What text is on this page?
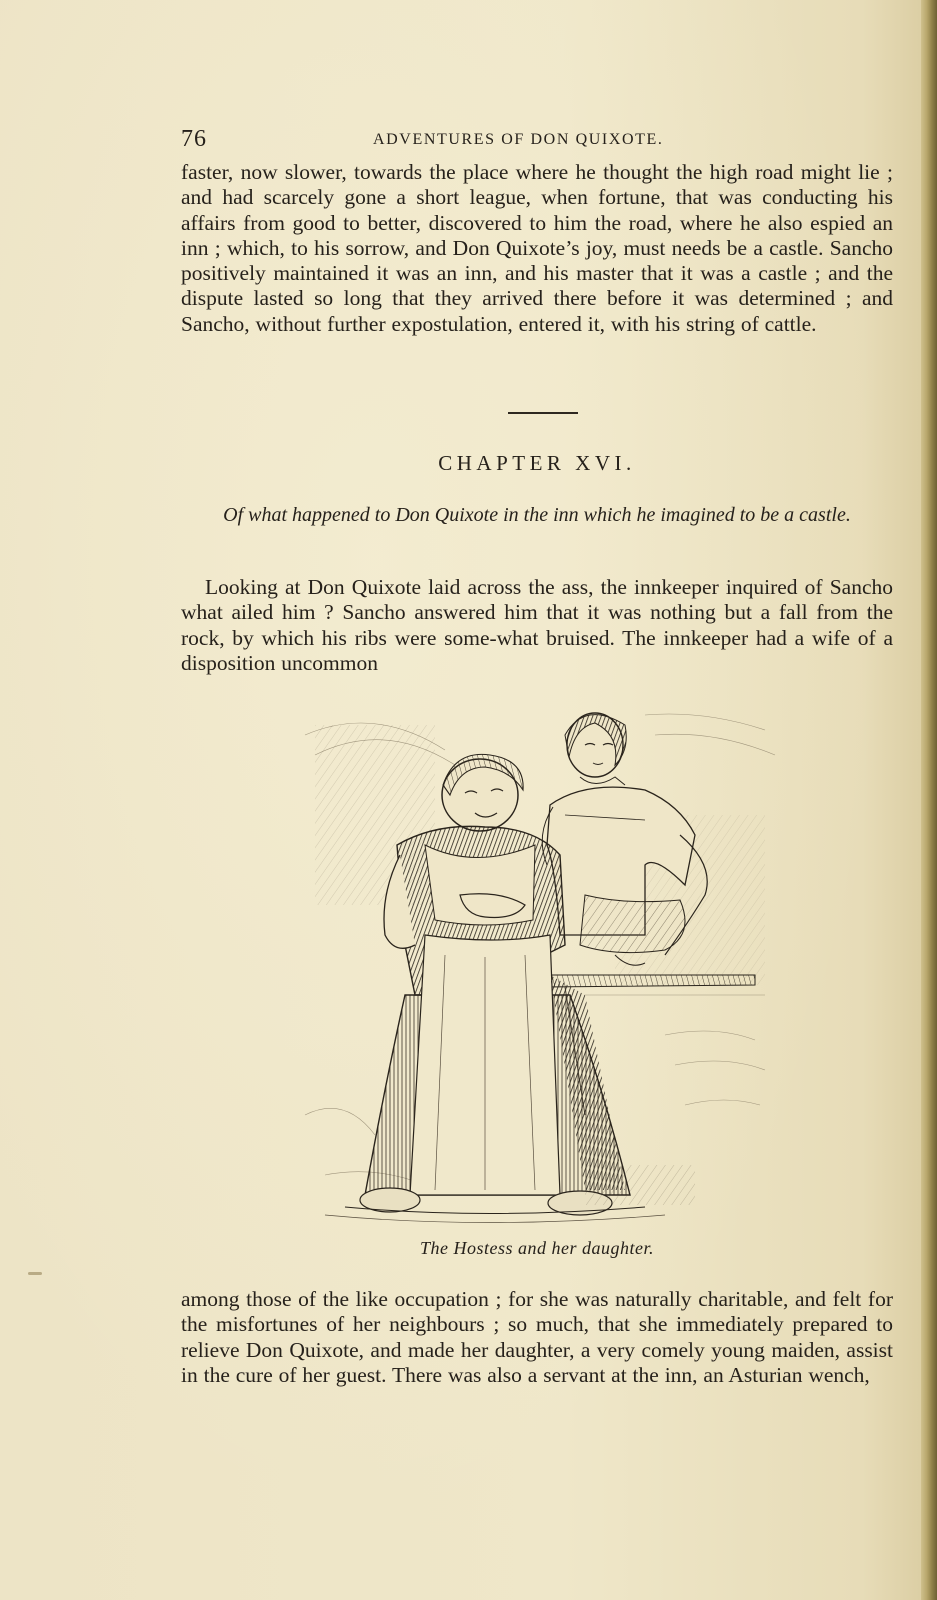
76	ADVENTURES OF DON QUIXOTE.

faster, now slower, towards the place where he thought the high road might lie ; and had scarcely gone a short league, when fortune, that was conducting his affairs from good to better, discovered to him the road, where he also espied an inn ; which, to his sorrow, and Don Quixote’s joy, must needs be a castle. Sancho positively maintained it was an inn, and his master that it was a castle ; and the dispute lasted so long that they arrived there before it was determined ; and Sancho, without further expostulation, entered it, with his string of cattle.

CHAPTER XVI.

Of what happened to Don Quixote in the inn which he imagined to be a castle.

Looking at Don Quixote laid across the ass, the innkeeper inquired of Sancho what ailed him ? Sancho answered him that it was nothing but a fall from the rock, by which his ribs were some-what bruised. The innkeeper had a wife of a disposition uncommon

The Hostess and her daughter.

among those of the like occupation ; for she was naturally charitable, and felt for the misfortunes of her neighbours ; so much, that she immediately prepared to relieve Don Quixote, and made her daughter, a very comely young maiden, assist in the cure of her guest. There was also a servant at the inn, an Asturian wench,
